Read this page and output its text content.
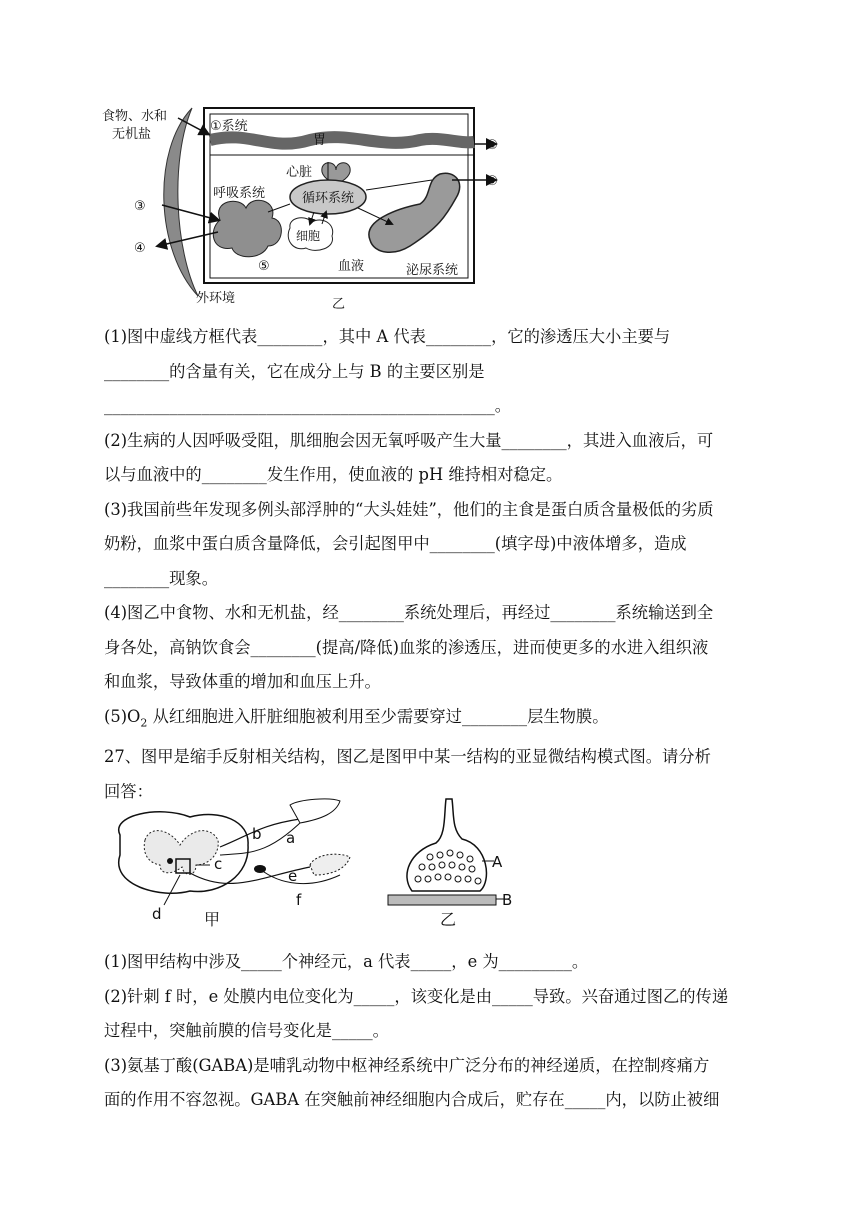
食物、水和
无机盐
①系统
胃	②
心脏
呼吸系统	循环系统
⑥
③
④
细胞
⑤	血液	泌尿系统
外环境	乙

(1)图中虚线方框代表________，其中 A 代表________，它的渗透压大小主要与

________的含量有关，它在成分上与 B 的主要区别是

________________________________________________。

(2)生病的人因呼吸受阻，肌细胞会因无氧呼吸产生大量________，其进入血液后，可

以与血液中的________发生作用，使血液的 pH 维持相对稳定。

(3)我国前些年发现多例头部浮肿的“大头娃娃”，他们的主食是蛋白质含量极低的劣质

奶粉，血浆中蛋白质含量降低，会引起图甲中________(填字母)中液体增多，造成

________现象。

(4)图乙中食物、水和无机盐，经________系统处理后，再经过________系统输送到全

身各处，高钠饮食会________(提高/降低)血浆的渗透压，进而使更多的水进入组织液

和血浆，导致体重的增加和血压上升。

$(5)O_2$ 从红细胞进入肝脏细胞被利用至少需要穿过________层生物膜。

27、图甲是缩手反射相关结构，图乙是图甲中某一结构的亚显微结构模式图。请分析

回答：

b a
c
e
f
d	甲
A
B
乙

(1)图甲结构中涉及_____个神经元，a 代表_____，e 为_________。

(2)针刺 f 时，e 处膜内电位变化为_____，该变化是由_____导致。兴奋通过图乙的传递

过程中，突触前膜的信号变化是_____。

(3)氨基丁酸(GABA)是哺乳动物中枢神经系统中广泛分布的神经递质，在控制疼痛方

面的作用不容忽视。GABA 在突触前神经细胞内合成后，贮存在_____内，以防止被细
